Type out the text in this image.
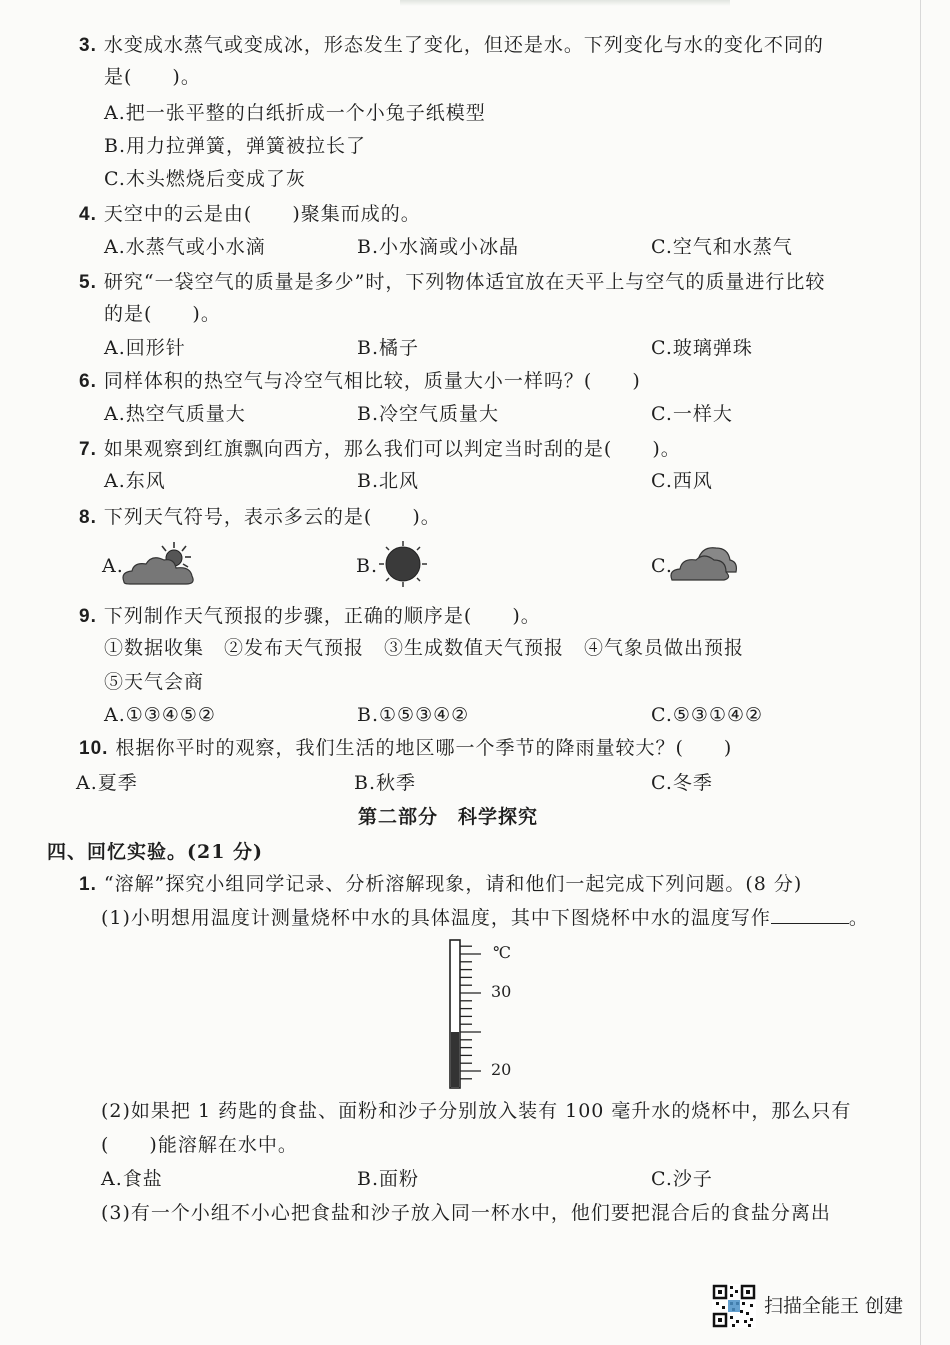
3. 水变成水蒸气或变成冰，形态发生了变化，但还是水。下列变化与水的变化不同的
是(　　)。
A.把一张平整的白纸折成一个小兔子纸模型
B.用力拉弹簧，弹簧被拉长了
C.木头燃烧后变成了灰
4. 天空中的云是由(　　)聚集而成的。
A.水蒸气或小水滴	B.小水滴或小冰晶	C.空气和水蒸气
5. 研究“一袋空气的质量是多少”时，下列物体适宜放在天平上与空气的质量进行比较
的是(　　)。
A.回形针	B.橘子	C.玻璃弹珠
6. 同样体积的热空气与冷空气相比较，质量大小一样吗？(　　)
A.热空气质量大	B.冷空气质量大	C.一样大
7. 如果观察到红旗飘向西方，那么我们可以判定当时刮的是(　　)。
A.东风	B.北风	C.西风
8. 下列天气符号，表示多云的是(　　)。
A.	B.	C.
9. 下列制作天气预报的步骤，正确的顺序是(　　)。
①数据收集　②发布天气预报　③生成数值天气预报　④气象员做出预报
⑤天气会商
A.①③④⑤②	B.①⑤③④②	C.⑤③①④②
10. 根据你平时的观察，我们生活的地区哪一个季节的降雨量较大？(　　)
A.夏季	B.秋季	C.冬季
第二部分　科学探究
四、回忆实验。(21 分)
1. “溶解”探究小组同学记录、分析溶解现象，请和他们一起完成下列问题。(8 分)
(1)小明想用温度计测量烧杯中水的具体温度，其中下图烧杯中水的温度写作	。
℃
30
20
(2)如果把 1 药匙的食盐、面粉和沙子分别放入装有 100 毫升水的烧杯中，那么只有
(　　)能溶解在水中。
A.食盐	B.面粉	C.沙子
(3)有一个小组不小心把食盐和沙子放入同一杯水中，他们要把混合后的食盐分离出
扫描全能王 创建
